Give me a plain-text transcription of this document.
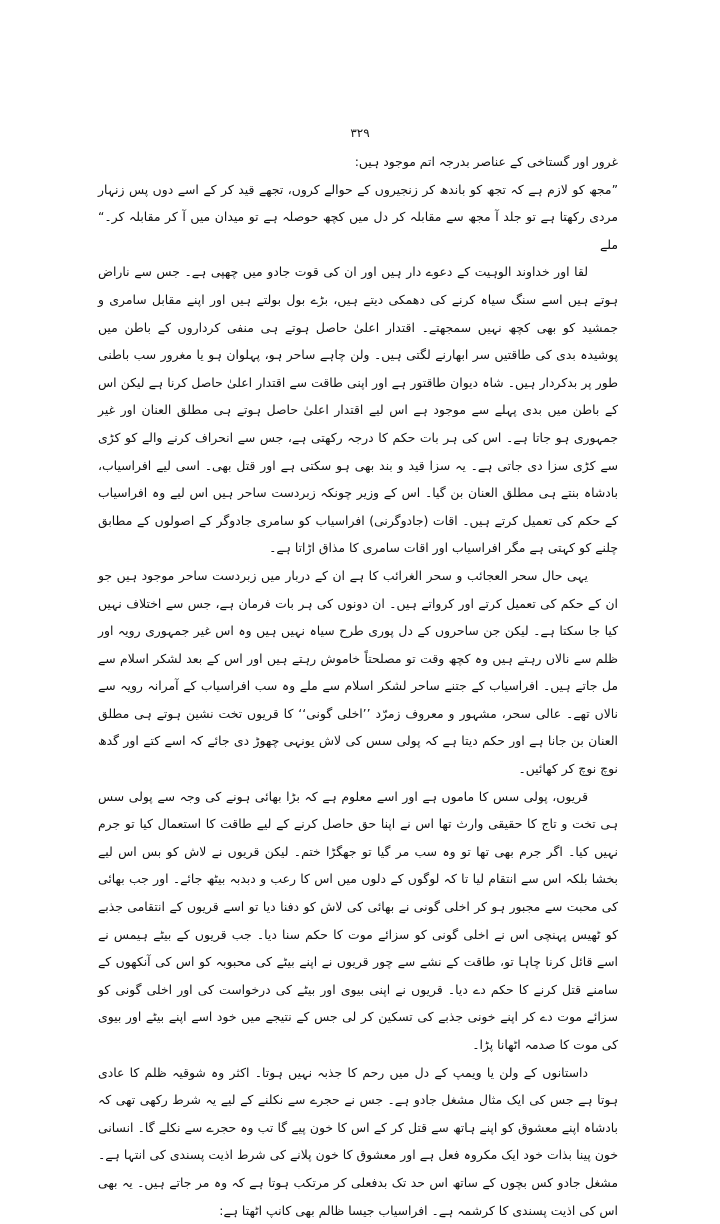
۳۲۹

غرور اور گستاخی کے عناصر بدرجہ اتم موجود ہیں:

”مجھ کو لازم ہے کہ تجھ کو باندھ کر زنجیروں کے حوالے کروں، تجھے قید کر کے اسے دوں پس زنہار مردی رکھتا ہے تو جلد آ مجھ سے مقابلہ کر دل میں کچھ حوصلہ ہے تو میدان میں آ کر مقابلہ کر۔“ ملے

لقا اور خداوند الوہیت کے دعوے دار ہیں اور ان کی قوت جادو میں چھپی ہے۔ جس سے ناراض ہوتے ہیں اسے سنگ سیاہ کرنے کی دھمکی دیتے ہیں، بڑے بول بولتے ہیں اور اپنے مقابل سامری و جمشید کو بھی کچھ نہیں سمجھتے۔ اقتدار اعلیٰ حاصل ہوتے ہی منفی کرداروں کے باطن میں پوشیدہ بدی کی طاقتیں سر ابھارنے لگتی ہیں۔ ولن چاہے ساحر ہو، پہلوان ہو یا مغرور سب باطنی طور پر بدکردار ہیں۔ شاہ دیوان طاقتور ہے اور اپنی طاقت سے اقتدار اعلیٰ حاصل کرنا ہے لیکن اس کے باطن میں بدی پہلے سے موجود ہے اس لیے اقتدار اعلیٰ حاصل ہوتے ہی مطلق العنان اور غیر جمہوری ہو جاتا ہے۔ اس کی ہر بات حکم کا درجہ رکھتی ہے، جس سے انحراف کرنے والے کو کڑی سے کڑی سزا دی جاتی ہے۔ یہ سزا قید و بند بھی ہو سکتی ہے اور قتل بھی۔ اسی لیے افراسیاب، بادشاہ بنتے ہی مطلق العنان بن گیا۔ اس کے وزیر چونکہ زبردست ساحر ہیں اس لیے وہ افراسیاب کے حکم کی تعمیل کرتے ہیں۔ اقات (جادوگرنی) افراسیاب کو سامری جادوگر کے اصولوں کے مطابق چلنے کو کہتی ہے مگر افراسیاب اور اقات سامری کا مذاق اڑاتا ہے۔

یہی حال سحر العجائب و سحر الغرائب کا ہے ان کے دربار میں زبردست ساحر موجود ہیں جو ان کے حکم کی تعمیل کرتے اور کرواتے ہیں۔ ان دونوں کی ہر بات فرمان ہے، جس سے اختلاف نہیں کیا جا سکتا ہے۔ لیکن جن ساحروں کے دل پوری طرح سیاہ نہیں ہیں وہ اس غیر جمہوری رویہ اور ظلم سے نالاں رہتے ہیں وہ کچھ وقت تو مصلحتاً خاموش رہتے ہیں اور اس کے بعد لشکر اسلام سے مل جاتے ہیں۔ افراسیاب کے جتنے ساحر لشکر اسلام سے ملے وہ سب افراسیاب کے آمرانہ رویہ سے نالاں تھے۔ عالی سحر، مشہور و معروف زمرّد ’’اخلی گونی‘‘ کا قریوں تخت نشین ہوتے ہی مطلق العنان بن جانا ہے اور حکم دیتا ہے کہ پولی سس کی لاش یونہی چھوڑ دی جائے کہ اسے کتے اور گدھ نوچ نوچ کر کھائیں۔

قریوں، پولی سس کا ماموں ہے اور اسے معلوم ہے کہ بڑا بھائی ہونے کی وجہ سے پولی سس ہی تخت و تاج کا حقیقی وارث تھا اس نے اپنا حق حاصل کرنے کے لیے طاقت کا استعمال کیا تو جرم نہیں کیا۔ اگر جرم بھی تھا تو وہ سب مر گیا تو جھگڑا ختم۔ لیکن قریوں نے لاش کو بس اس لیے بخشا بلکہ اس سے انتقام لیا تا کہ لوگوں کے دلوں میں اس کا رعب و دبدبہ بیٹھ جائے۔ اور جب بھائی کی محبت سے مجبور ہو کر اخلی گونی نے بھائی کی لاش کو دفنا دیا تو اسے قریوں کے انتقامی جذبے کو ٹھیس پہنچی اس نے اخلی گونی کو سزائے موت کا حکم سنا دیا۔ جب قریوں کے بیٹے ہیمس نے اسے قائل کرنا چاہا تو، طاقت کے نشے سے چور قریوں نے اپنے بیٹے کی محبوبہ کو اس کی آنکھوں کے سامنے قتل کرنے کا حکم دے دیا۔ قریوں نے اپنی بیوی اور بیٹے کی درخواست کی اور اخلی گونی کو سزائے موت دے کر اپنے خونی جذبے کی تسکین کر لی جس کے نتیجے میں خود اسے اپنے بیٹے اور بیوی کی موت کا صدمہ اٹھانا پڑا۔

داستانوں کے ولن یا ویمپ کے دل میں رحم کا جذبہ نہیں ہوتا۔ اکثر وہ شوقیہ ظلم کا عادی ہوتا ہے جس کی ایک مثال مشغل جادو ہے۔ جس نے حجرے سے نکلنے کے لیے یہ شرط رکھی تھی کہ بادشاہ اپنے معشوق کو اپنے ہاتھ سے قتل کر کے اس کا خون پیے گا تب وہ حجرے سے نکلے گا۔ انسانی خون پینا بذات خود ایک مکروہ فعل ہے اور معشوق کا خون پلانے کی شرط اذیت پسندی کی انتہا ہے۔ مشغل جادو کس بچوں کے ساتھ اس حد تک بدفعلی کر مرتکب ہوتا ہے کہ وہ مر جاتے ہیں۔ یہ بھی اس کی اذیت پسندی کا کرشمہ ہے۔ افراسیاب جیسا ظالم بھی کانپ اٹھتا ہے:
